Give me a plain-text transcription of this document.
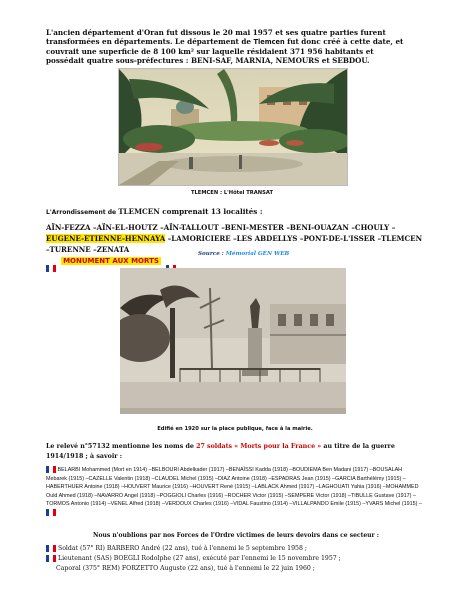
L'ancien département d'Oran fut dissous le 20 mai 1957 et ses quatre parties furent transformées en départements. Le département de Tlemcen fut donc créé à cette date, et couvrait une superficie de 8 100 km² sur laquelle résidaient 371 956 habitants et possédait quatre sous-préfectures : BENI-SAF, MARNIA, NEMOURS et SEBDOU.
TLEMCEN : L'Hôtel TRANSAT
L'Arrondissement de TLEMCEN comprenait 13 localités :
AÏN-FEZZA –AÏN-EL-HOUTZ –AÏN-TALLOUT –BENI-MESTER –BENI-OUAZAN –CHOULY –EUGENE-ETIENNE-HENNAYA –LAMORICIERE –LES ABDELLYS –PONT-DE-L'ISSER –TLEMCEN –TURENNE –ZENATA
MONUMENT AUX MORTS
Source : Mémorial GEN WEB
Edifié en 1920 sur la place publique, face à la mairie.
Le relevé n°57132 mentionne les noms de 27 soldats « Morts pour la France » au titre de la guerre 1914/1918 ; à savoir :
BELARBI Mohammed (Mort en 1914) –BELBOURI Abdelkader (1917) –BENAÏSSI Kadda (1918) –BOUDIEMA Ben Madani (1917) –BOUSALAH Mebarek (1915) –CAZELLE Valentin (1918) –CLAUDEL Michel (1915) –DIAZ Antoine (1918) –ESPADRAS Jean (1915) –GARCIA Barthélémy (1915) –HABERTHUER Antoine (1918) –HOUVERT Maurice (1916) –HOUVERT René (1915) –LABLACK Ahmed (1917) –LAGHOUATI Yahia (1916) –MOHAMMED Ould Ahmed (1918) –NAVARRO Angel (1918) –POGGIOLI Charles (1916) –ROCHER Victor (1915) –SEMPERE Victor (1918) –TIBULLE Gustave (1917) –TORMOS Antonio (1914) –VENEL Alfred (1918) –VERDOUX Charles (1916) –VIDAL Faustino (1914) –VILLALPANDO Emile (1915) –YVARS Michel (1915) –
Nous n'oublions par nos Forces de l'Ordre victimes de leurs devoirs dans ce secteur :
Soldat (57° RI) BARBERO André (22 ans), tué à l'ennemi le 5 septembre 1958 ;
Lieutenant (SAS) BOEGLI Rodolphe (27 ans), exécuté par l'ennemi le 15 novembre 1957 ;
Caporal (375° REM) FORZETTO Auguste (22 ans), tué à l'ennemi le 22 juin 1960 ;
